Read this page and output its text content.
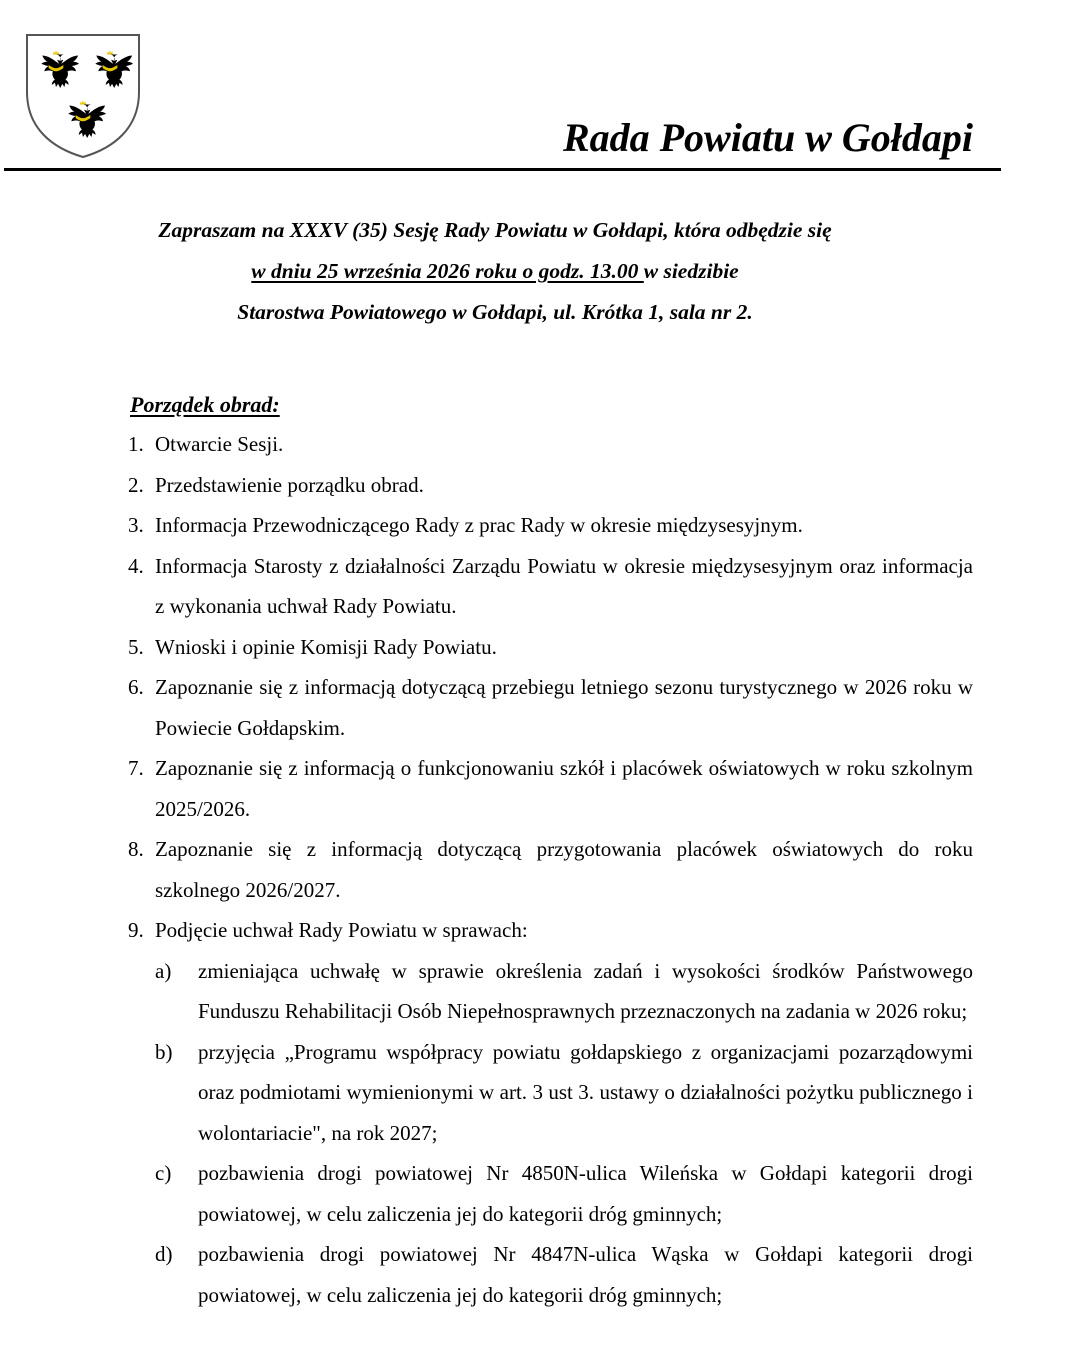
Rada Powiatu w Gołdapi
Zapraszam na XXXV (35) Sesję Rady Powiatu w Gołdapi, która odbędzie się
w dniu 25 września 2026 roku o godz. 13.00 w siedzibie
Starostwa Powiatowego w Gołdapi, ul. Krótka 1, sala nr 2.
Porządek obrad:
1. Otwarcie Sesji.
2. Przedstawienie porządku obrad.
3. Informacja Przewodniczącego Rady z prac Rady w okresie międzysesyjnym.
4. Informacja Starosty z działalności Zarządu Powiatu w okresie międzysesyjnym oraz informacja z wykonania uchwał Rady Powiatu.
5. Wnioski i opinie Komisji Rady Powiatu.
6. Zapoznanie się z informacją dotyczącą przebiegu letniego sezonu turystycznego w 2026 roku w Powiecie Gołdapskim.
7. Zapoznanie się z informacją o funkcjonowaniu szkół i placówek oświatowych w roku szkolnym 2025/2026.
8. Zapoznanie się z informacją dotyczącą przygotowania placówek oświatowych do roku szkolnego 2026/2027.
9. Podjęcie uchwał Rady Powiatu w sprawach:
a) zmieniająca uchwałę w sprawie określenia zadań i wysokości środków Państwowego Funduszu Rehabilitacji Osób Niepełnosprawnych przeznaczonych na zadania w 2026 roku;
b) przyjęcia „Programu współpracy powiatu gołdapskiego z organizacjami pozarządowymi oraz podmiotami wymienionymi w art. 3 ust 3. ustawy o działalności pożytku publicznego i wolontariacie", na rok 2027;
c) pozbawienia drogi powiatowej Nr 4850N-ulica Wileńska w Gołdapi kategorii drogi powiatowej, w celu zaliczenia jej do kategorii dróg gminnych;
d) pozbawienia drogi powiatowej Nr 4847N-ulica Wąska w Gołdapi kategorii drogi powiatowej, w celu zaliczenia jej do kategorii dróg gminnych;
